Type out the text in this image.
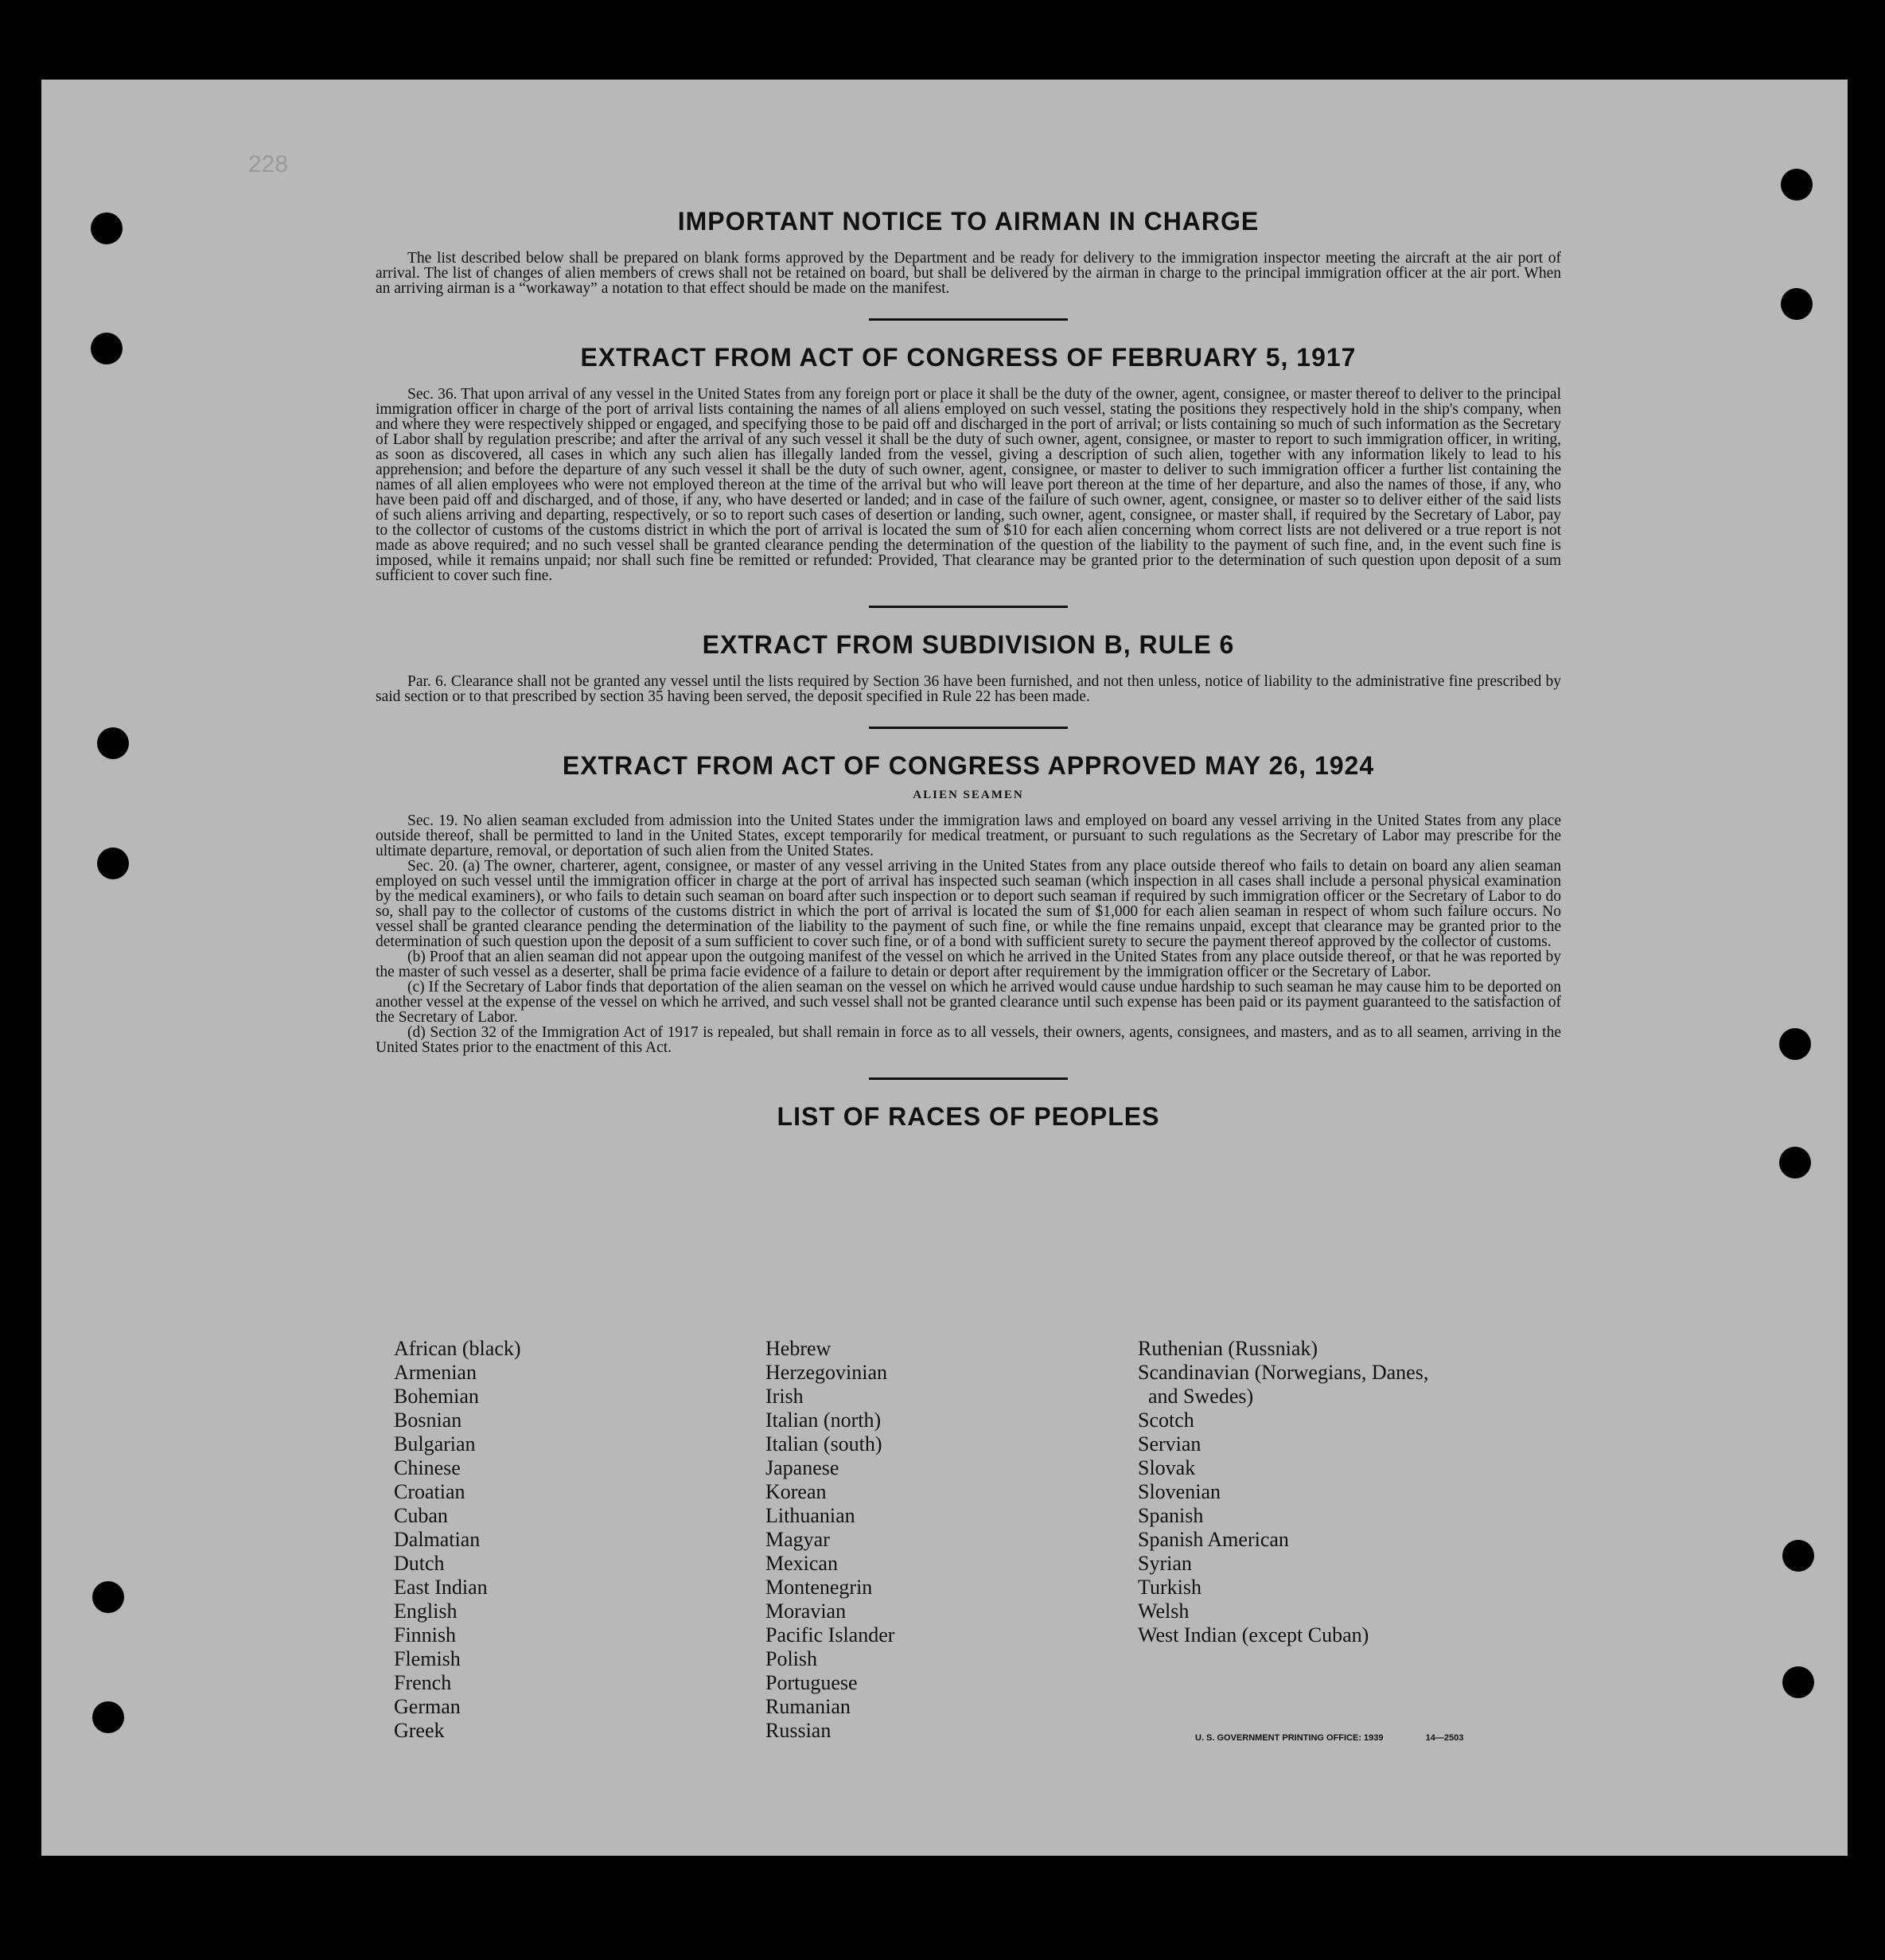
228
IMPORTANT NOTICE TO AIRMAN IN CHARGE

The list described below shall be prepared on blank forms approved by the Department and be ready for delivery to the immigration inspector meeting the aircraft at the air port of arrival. The list of changes of alien members of crews shall not be retained on board, but shall be delivered by the airman in charge to the principal immigration officer at the air port. When an arriving airman is a “workaway” a notation to that effect should be made on the manifest.

EXTRACT FROM ACT OF CONGRESS OF FEBRUARY 5, 1917

Sec. 36. That upon arrival of any vessel in the United States from any foreign port or place it shall be the duty of the owner, agent, consignee, or master thereof to deliver to the principal immigration officer in charge of the port of arrival lists containing the names of all aliens employed on such vessel, stating the positions they respectively hold in the ship's company, when and where they were respectively shipped or engaged, and specifying those to be paid off and discharged in the port of arrival; or lists containing so much of such information as the Secretary of Labor shall by regulation prescribe; and after the arrival of any such vessel it shall be the duty of such owner, agent, consignee, or master to report to such immigration officer, in writing, as soon as discovered, all cases in which any such alien has illegally landed from the vessel, giving a description of such alien, together with any information likely to lead to his apprehension; and before the departure of any such vessel it shall be the duty of such owner, agent, consignee, or master to deliver to such immigration officer a further list containing the names of all alien employees who were not employed thereon at the time of the arrival but who will leave port thereon at the time of her departure, and also the names of those, if any, who have been paid off and discharged, and of those, if any, who have deserted or landed; and in case of the failure of such owner, agent, consignee, or master so to deliver either of the said lists of such aliens arriving and departing, respectively, or so to report such cases of desertion or landing, such owner, agent, consignee, or master shall, if required by the Secretary of Labor, pay to the collector of customs of the customs district in which the port of arrival is located the sum of $10 for each alien concerning whom correct lists are not delivered or a true report is not made as above required; and no such vessel shall be granted clearance pending the determination of the question of the liability to the payment of such fine, and, in the event such fine is imposed, while it remains unpaid; nor shall such fine be remitted or refunded: Provided, That clearance may be granted prior to the determination of such question upon deposit of a sum sufficient to cover such fine.

EXTRACT FROM SUBDIVISION B, RULE 6

Par. 6. Clearance shall not be granted any vessel until the lists required by Section 36 have been furnished, and not then unless, notice of liability to the administrative fine prescribed by said section or to that prescribed by section 35 having been served, the deposit specified in Rule 22 has been made.

EXTRACT FROM ACT OF CONGRESS APPROVED MAY 26, 1924
ALIEN SEAMEN

Sec. 19. No alien seaman excluded from admission into the United States under the immigration laws and employed on board any vessel arriving in the United States from any place outside thereof, shall be permitted to land in the United States, except temporarily for medical treatment, or pursuant to such regulations as the Secretary of Labor may prescribe for the ultimate departure, removal, or deportation of such alien from the United States.

Sec. 20. (a) The owner, charterer, agent, consignee, or master of any vessel arriving in the United States from any place outside thereof who fails to detain on board any alien seaman employed on such vessel until the immigration officer in charge at the port of arrival has inspected such seaman (which inspection in all cases shall include a personal physical examination by the medical examiners), or who fails to detain such seaman on board after such inspection or to deport such seaman if required by such immigration officer or the Secretary of Labor to do so, shall pay to the collector of customs of the customs district in which the port of arrival is located the sum of $1,000 for each alien seaman in respect of whom such failure occurs. No vessel shall be granted clearance pending the determination of the liability to the payment of such fine, or while the fine remains unpaid, except that clearance may be granted prior to the determination of such question upon the deposit of a sum sufficient to cover such fine, or of a bond with sufficient surety to secure the payment thereof approved by the collector of customs.

(b) Proof that an alien seaman did not appear upon the outgoing manifest of the vessel on which he arrived in the United States from any place outside thereof, or that he was reported by the master of such vessel as a deserter, shall be prima facie evidence of a failure to detain or deport after requirement by the immigration officer or the Secretary of Labor.

(c) If the Secretary of Labor finds that deportation of the alien seaman on the vessel on which he arrived would cause undue hardship to such seaman he may cause him to be deported on another vessel at the expense of the vessel on which he arrived, and such vessel shall not be granted clearance until such expense has been paid or its payment guaranteed to the satisfaction of the Secretary of Labor.

(d) Section 32 of the Immigration Act of 1917 is repealed, but shall remain in force as to all vessels, their owners, agents, consignees, and masters, and as to all seamen, arriving in the United States prior to the enactment of this Act.

LIST OF RACES OF PEOPLES
African (black)
Armenian
Bohemian
Bosnian
Bulgarian
Chinese
Croatian
Cuban
Dalmatian
Dutch
East Indian
English
Finnish
Flemish
French
German
Greek
Hebrew
Herzegovinian
Irish
Italian (north)
Italian (south)
Japanese
Korean
Lithuanian
Magyar
Mexican
Montenegrin
Moravian
Pacific Islander
Polish
Portuguese
Rumanian
Russian
Ruthenian (Russniak)
Scandinavian (Norwegians, Danes,
and Swedes)
Scotch
Servian
Slovak
Slovenian
Spanish
Spanish American
Syrian
Turkish
Welsh
West Indian (except Cuban)
U. S. GOVERNMENT PRINTING OFFICE: 1939	14—2503
